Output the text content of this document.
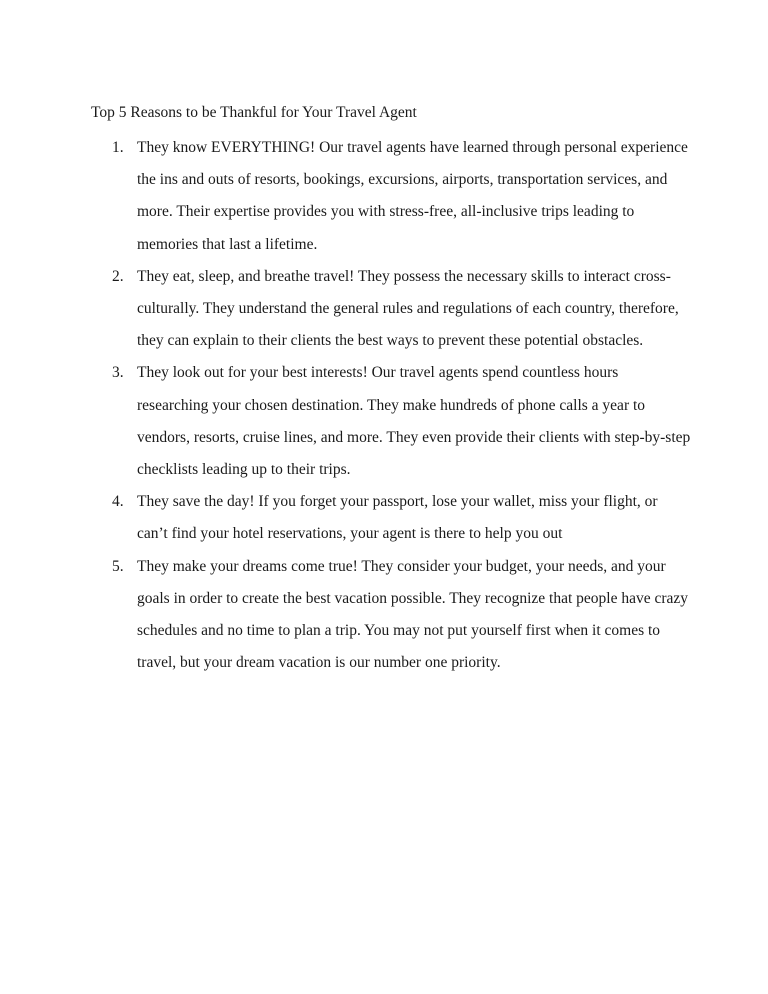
Top 5 Reasons to be Thankful for Your Travel Agent
1. They know EVERYTHING! Our travel agents have learned through personal experience the ins and outs of resorts, bookings, excursions, airports, transportation services, and more. Their expertise provides you with stress-free, all-inclusive trips leading to memories that last a lifetime.
2. They eat, sleep, and breathe travel! They possess the necessary skills to interact cross-culturally. They understand the general rules and regulations of each country, therefore, they can explain to their clients the best ways to prevent these potential obstacles.
3. They look out for your best interests! Our travel agents spend countless hours researching your chosen destination. They make hundreds of phone calls a year to vendors, resorts, cruise lines, and more. They even provide their clients with step-by-step checklists leading up to their trips.
4. They save the day! If you forget your passport, lose your wallet, miss your flight, or can’t find your hotel reservations, your agent is there to help you out
5. They make your dreams come true! They consider your budget, your needs, and your goals in order to create the best vacation possible. They recognize that people have crazy schedules and no time to plan a trip. You may not put yourself first when it comes to travel, but your dream vacation is our number one priority.
